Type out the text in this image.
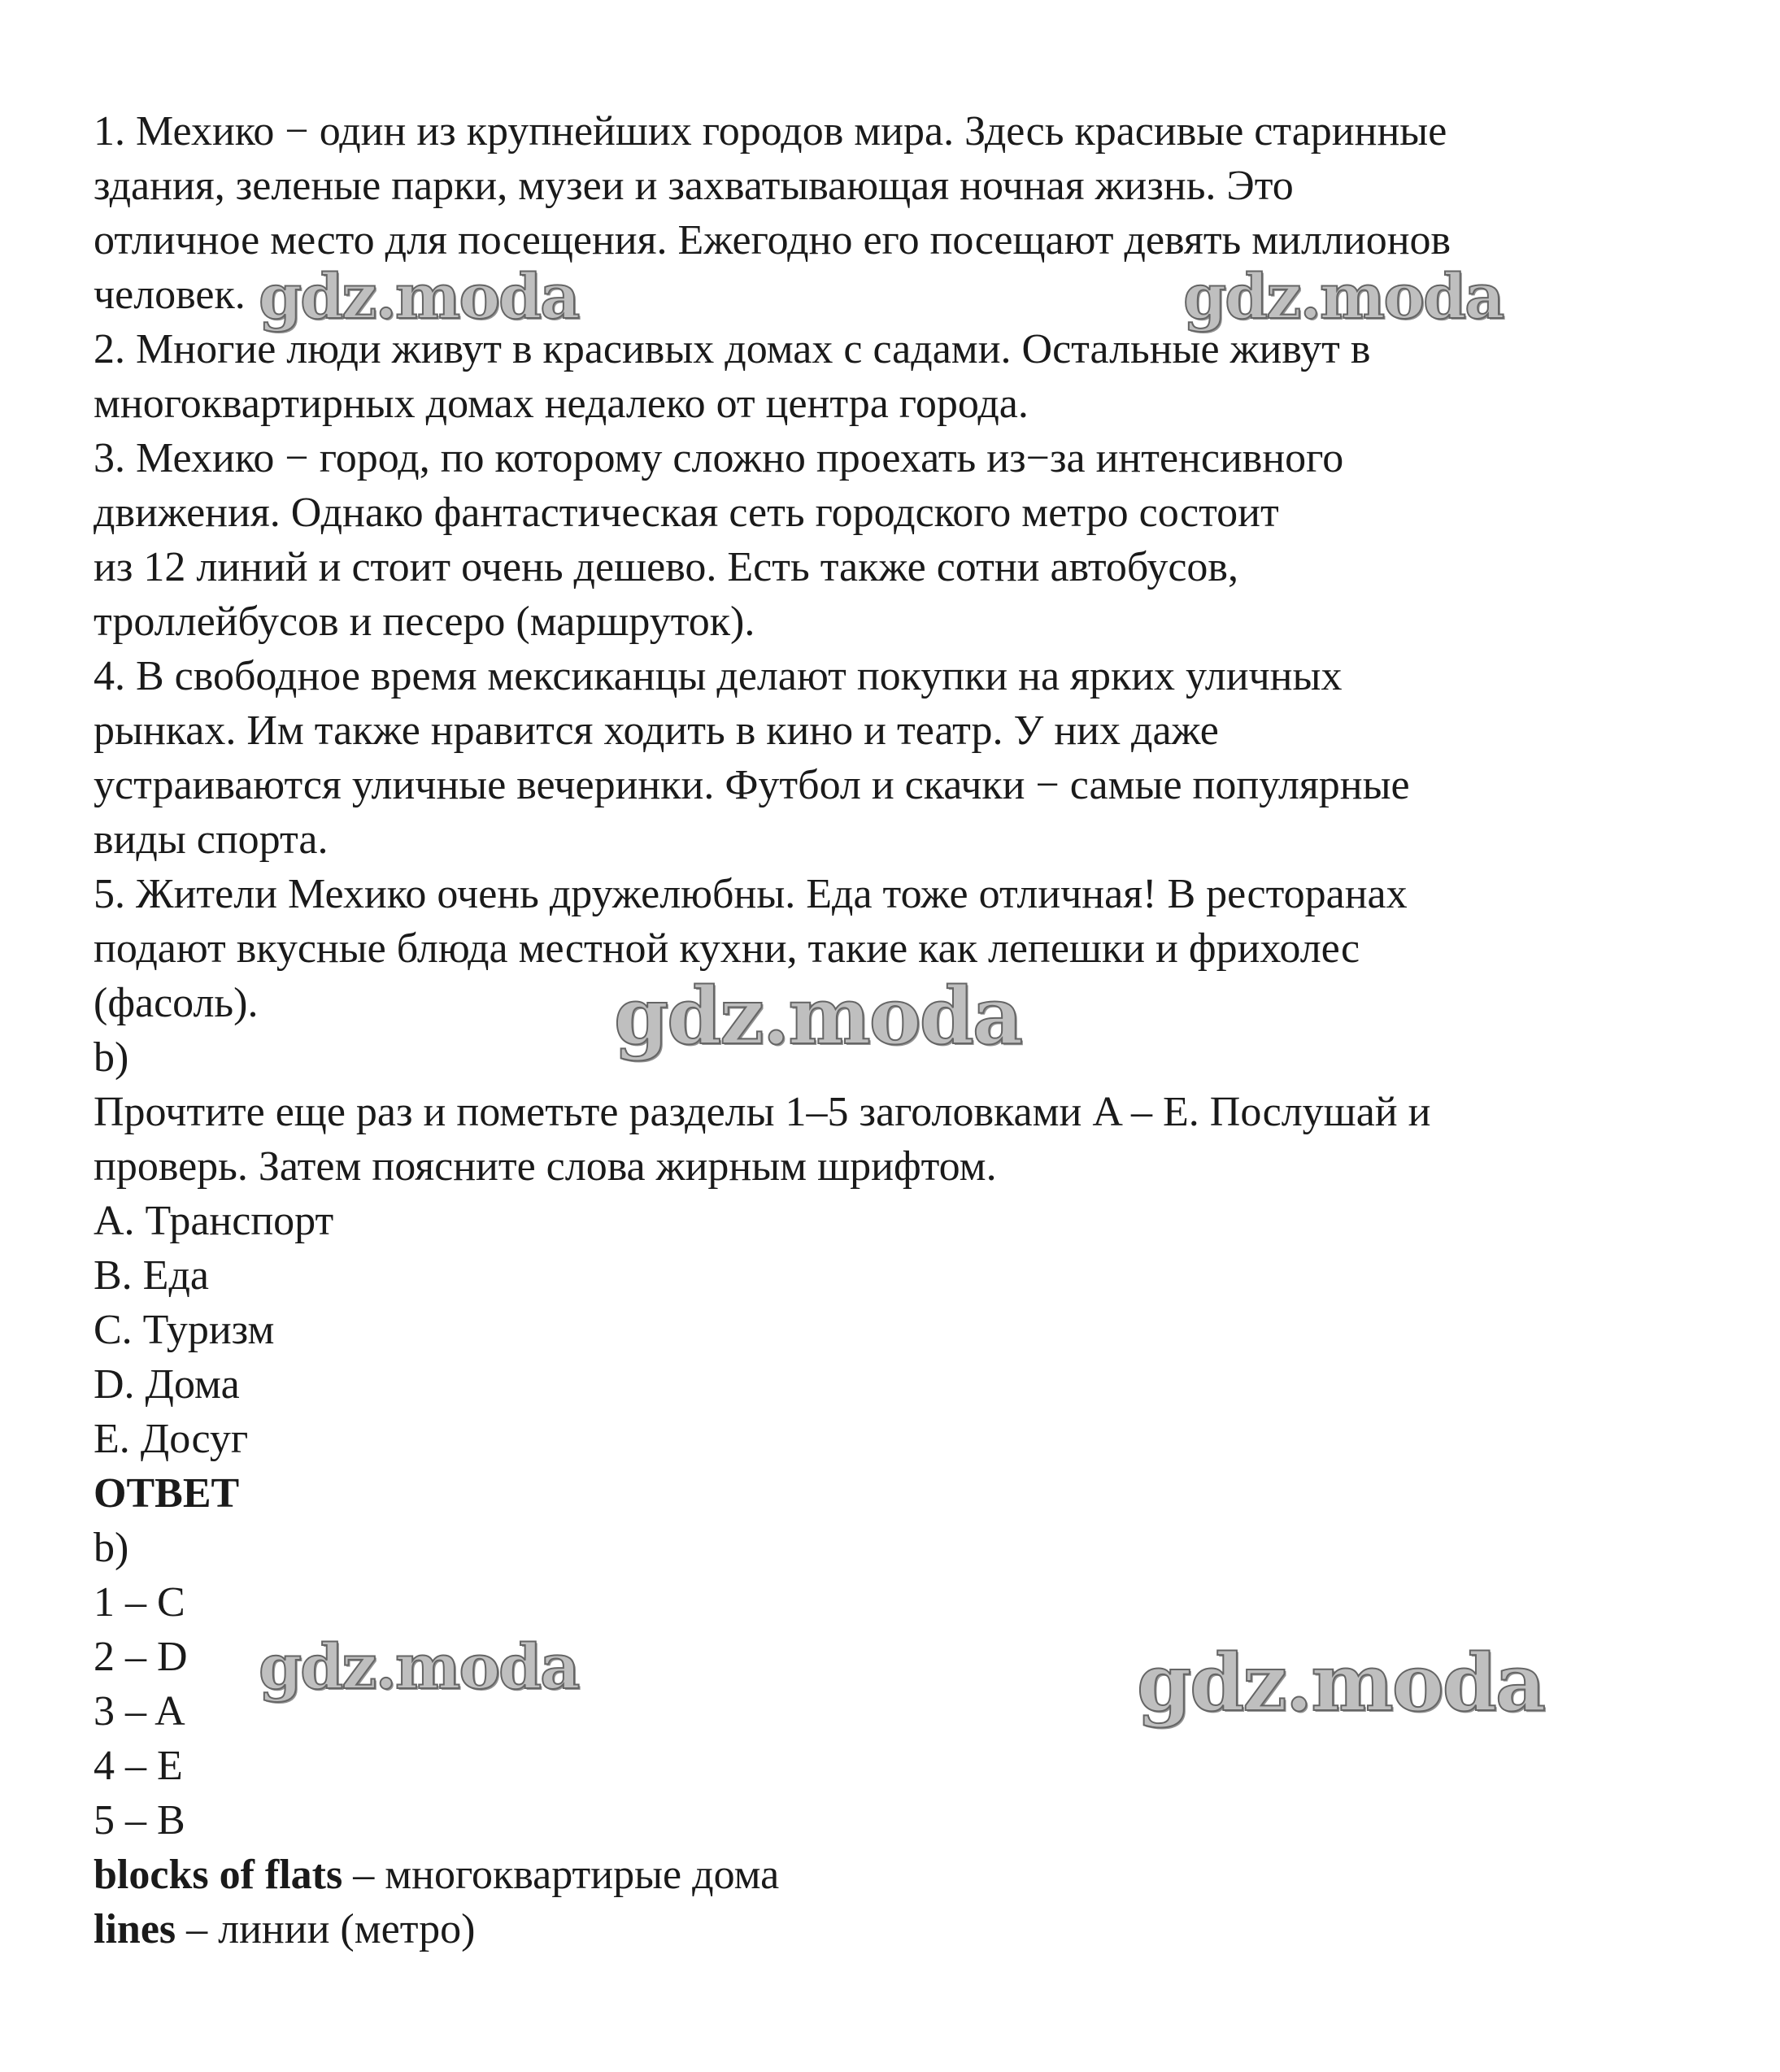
1. Мехико − один из крупнейших городов мира. Здесь красивые старинные
здания, зеленые парки, музеи и захватывающая ночная жизнь. Это
отличное место для посещения. Ежегодно его посещают девять миллионов
человек.
2. Многие люди живут в красивых домах с садами. Остальные живут в
многоквартирных домах недалеко от центра города.
3. Мехико − город, по которому сложно проехать из−за интенсивного
движения. Однако фантастическая сеть городского метро состоит
из 12 линий и стоит очень дешево. Есть также сотни автобусов,
троллейбусов и песеро (маршруток).
4. В свободное время мексиканцы делают покупки на ярких уличных
рынках. Им также нравится ходить в кино и театр. У них даже
устраиваются уличные вечеринки. Футбол и скачки − самые популярные
виды спорта.
5. Жители Мехико очень дружелюбны. Еда тоже отличная! В ресторанах
подают вкусные блюда местной кухни, такие как лепешки и фрихолес
(фасоль).
b)
Прочтите еще раз и пометьте разделы 1–5 заголовками A – E. Послушай и
проверь. Затем поясните слова жирным шрифтом.
A. Транспорт
B. Еда
C. Туризм
D. Дома
E. Досуг
ОТВЕТ
b)
1 – C
2 – D
3 – A
4 – E
5 – B
blocks of flats – многоквартирые дома
lines – линии (метро)
gdz.moda	gdz.moda
gdz.moda
gdz.moda	gdz.moda
